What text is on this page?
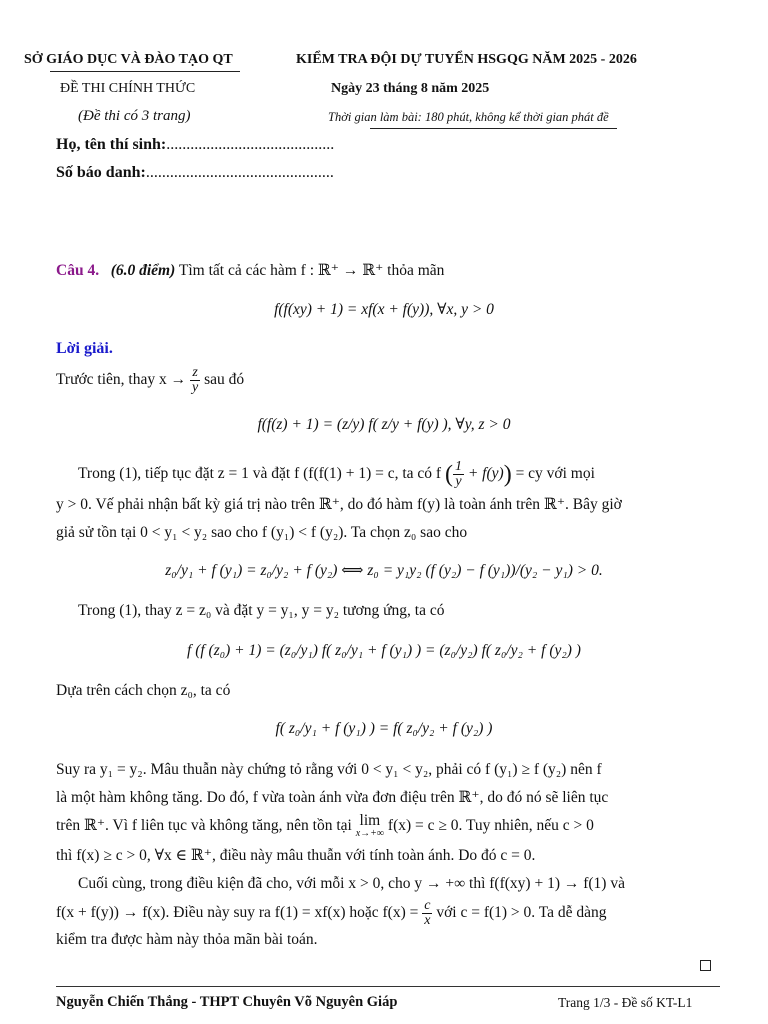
SỞ GIÁO DỤC VÀ ĐÀO TẠO QT	KIỂM TRA ĐỘI DỰ TUYỂN HSGQG NĂM 2025 - 2026
ĐỀ THI CHÍNH THỨC	Ngày 23 tháng 8 năm 2025
(Đề thi có 3 trang)	Thời gian làm bài: 180 phút, không kể thời gian phát đề
Họ, tên thí sinh:..........................................
Số báo danh:...............................................
Câu 4. (6.0 điểm) Tìm tất cả các hàm f : ℝ⁺ → ℝ⁺ thỏa mãn
f(f(xy) + 1) = xf(x + f(y)), ∀x, y > 0
Lời giải.
Trước tiên, thay $x \to \frac{z}{y}$ sau đó
f(f(z) + 1) = (z/y) f( z/y + f(y) ), ∀y, z > 0
Trong (1), tiếp tục đặt z = 1 và đặt f (f(f(1) + 1) = c, ta có f ( $\frac{1}{y} + f(y)$) = cy với mọi
y > 0. Vế phải nhận bất kỳ giá trị nào trên ℝ⁺, do đó hàm f(y) là toàn ánh trên ℝ⁺. Bây giờ
giả sử tồn tại 0 < y₁ < y₂ sao cho f (y₁) < f (y₂). Ta chọn z₀ sao cho
z₀/y₁ + f (y₁) = z₀/y₂ + f (y₂) ⟺ z₀ = y₁y₂ (f (y₂) − f (y₁))/(y₂ − y₁) > 0.
Trong (1), thay z = z₀ và đặt y = y₁, y = y₂ tương ứng, ta có
f (f (z₀) + 1) = (z₀/y₁) f( z₀/y₁ + f (y₁) ) = (z₀/y₂) f( z₀/y₂ + f (y₂) )
Dựa trên cách chọn z₀, ta có
f( z₀/y₁ + f (y₁) ) = f( z₀/y₂ + f (y₂) )
Suy ra y₁ = y₂. Mâu thuẫn này chứng tỏ rằng với 0 < y₁ < y₂, phải có f (y₁) ≥ f (y₂) nên f
là một hàm không tăng. Do đó, f vừa toàn ánh vừa đơn điệu trên ℝ⁺, do đó nó sẽ liên tục
trên ℝ⁺. Vì f liên tục và không tăng, nên tồn tại lim
x→+∞ f(x) = c ≥ 0. Tuy nhiên, nếu c > 0
thì f(x) ≥ c > 0, ∀x ∈ ℝ⁺, điều này mâu thuẫn với tính toàn ánh. Do đó c = 0.
Cuối cùng, trong điều kiện đã cho, với mỗi x > 0, cho y → +∞ thì f(f(xy) + 1) → f(1) và
f(x + f(y)) → f(x). Điều này suy ra f(1) = xf(x) hoặc $f(x) = \frac{c}{x}$ với c = f(1) > 0. Ta dễ dàng
kiểm tra được hàm này thỏa mãn bài toán.
Nguyễn Chiến Thắng - THPT Chuyên Võ Nguyên Giáp	Trang 1/3 - Đề số KT-L1
